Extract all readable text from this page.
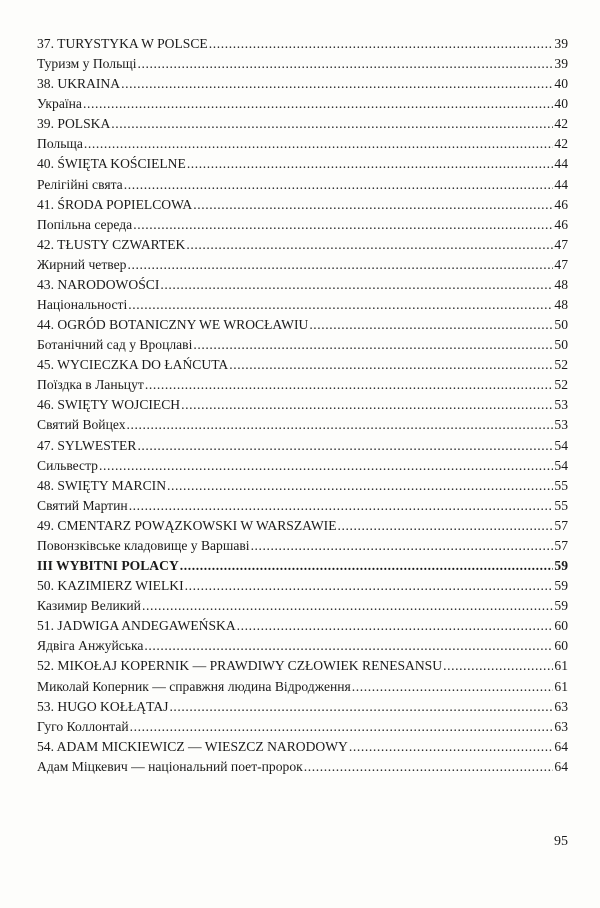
37. TURYSTYKA W POLSCE .....	39
Туризм у Польщі .....	39
38. UKRAINA .....	40
Україна .....	40
39. POLSKA .....	42
Польща .....	42
40. ŚWIĘTA KOŚCIELNE .....	44
Релігійні свята .....	44
41. ŚRODA POPIELCOWA .....	46
Попільна середа .....	46
42. TŁUSTY CZWARTEK .....	47
Жирний четвер .....	47
43. NARODOWOŚCI .....	48
Національності .....	48
44. OGRÓD BOTANICZNY WE WROCŁAWIU .....	50
Ботанічний сад у Вроцлаві .....	50
45. WYCIECZKA DO ŁAŃCUTA .....	52
Поїздка в Ланьцут .....	52
46. SWIĘTY WOJCIECH .....	53
Святий Войцех .....	53
47. SYLWESTER .....	54
Сильвестр .....	54
48. SWIĘTY MARCIN .....	55
Святий Мартин .....	55
49. CMENTARZ POWĄZKOWSKI W WARSZAWIE .....	57
Повонзківське кладовище у Варшаві .....	57
III WYBITNI POLACY .....	59
50. KAZIMIERZ WIELKI .....	59
Казимир Великий .....	59
51. JADWIGA ANDEGAWEŃSKA .....	60
Ядвіга Анжуйська .....	60
52. MIKOŁAJ KOPERNIK — PRAWDIWY CZŁOWIEK RENESANSU .....	61
Миколай Коперник — справжня людина Відродження .....	61
53. HUGO KOŁŁĄTAJ .....	63
Гуго Коллонтай .....	63
54. ADAM MICKIEWICZ — WIESZCZ NARODOWY .....	64
Адам Міцкевич — національний поет-пророк .....	64
95
